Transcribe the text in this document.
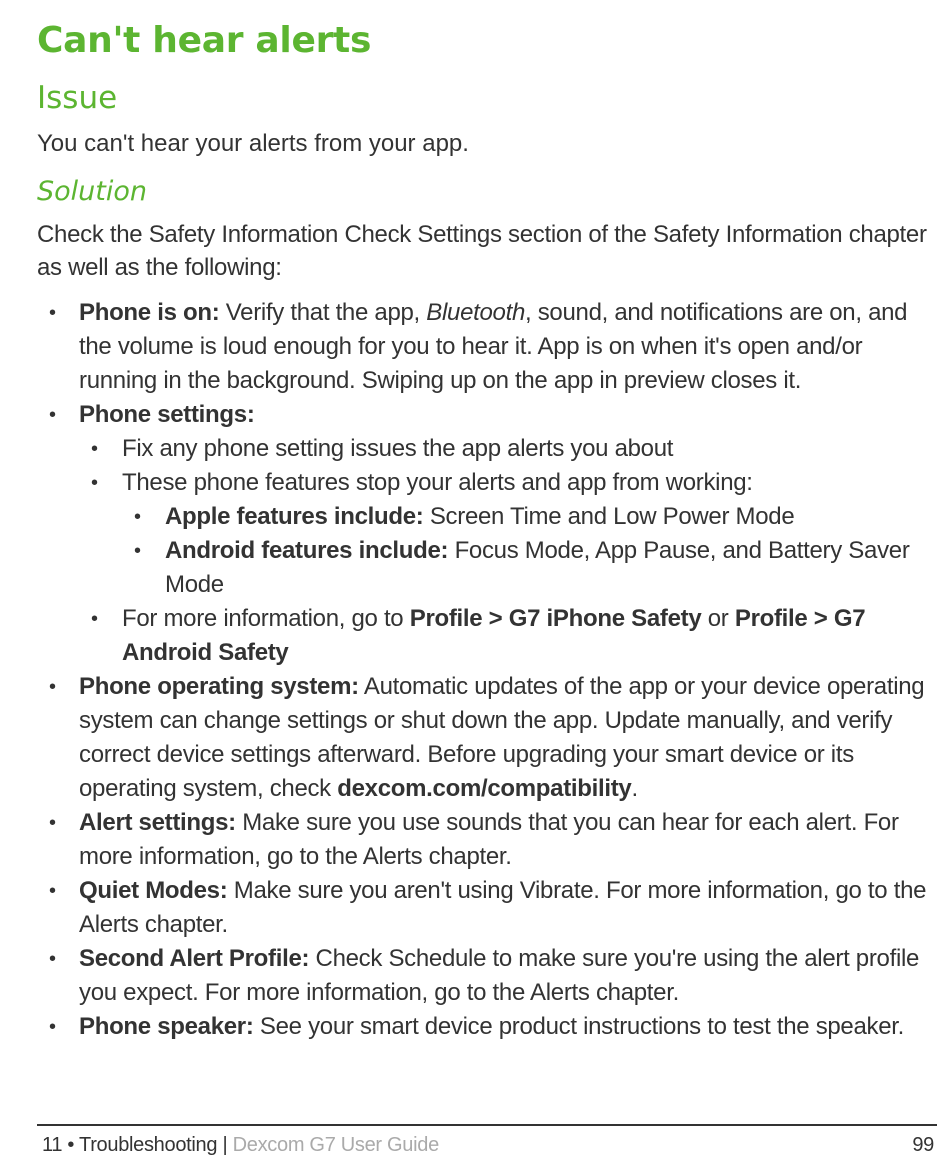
Can't hear alerts
Issue

You can't hear your alerts from your app.

Solution

Check the Safety Information Check Settings section of the Safety Information chapter as well as the following:

• Phone is on: Verify that the app, Bluetooth, sound, and notifications are on, and the volume is loud enough for you to hear it. App is on when it's open and/or running in the background. Swiping up on the app in preview closes it.
• Phone settings:
• Fix any phone setting issues the app alerts you about
• These phone features stop your alerts and app from working:
• Apple features include: Screen Time and Low Power Mode
• Android features include: Focus Mode, App Pause, and Battery Saver Mode
• For more information, go to Profile > G7 iPhone Safety or Profile > G7 Android Safety
• Phone operating system: Automatic updates of the app or your device operating system can change settings or shut down the app. Update manually, and verify correct device settings afterward. Before upgrading your smart device or its operating system, check dexcom.com/compatibility.
• Alert settings: Make sure you use sounds that you can hear for each alert. For more information, go to the Alerts chapter.
• Quiet Modes: Make sure you aren't using Vibrate. For more information, go to the Alerts chapter.
• Second Alert Profile: Check Schedule to make sure you're using the alert profile you expect. For more information, go to the Alerts chapter.
• Phone speaker: See your smart device product instructions to test the speaker.
11 • Troubleshooting | Dexcom G7 User Guide	99
